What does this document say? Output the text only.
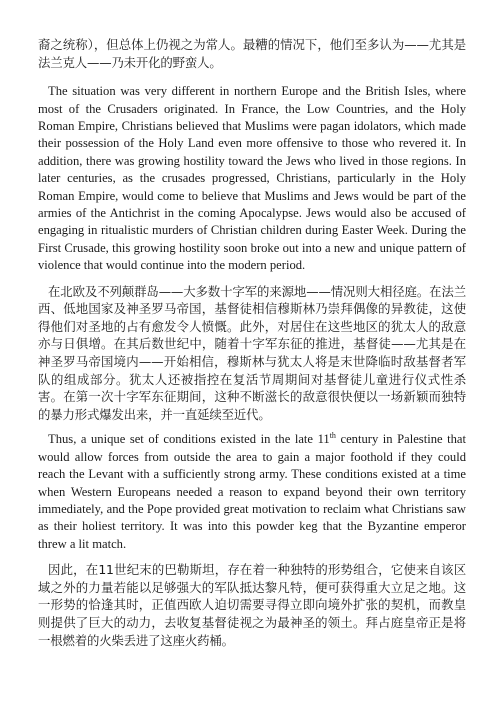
裔之统称），但总体上仍视之为常人。最糟的情况下，他们至多认为——尤其是法兰克人——乃未开化的野蛮人。

The situation was very different in northern Europe and the British Isles, where most of the Crusaders originated. In France, the Low Countries, and the Holy Roman Empire, Christians believed that Muslims were pagan idolators, which made their possession of the Holy Land even more offensive to those who revered it. In addition, there was growing hostility toward the Jews who lived in those regions. In later centuries, as the crusades progressed, Christians, particularly in the Holy Roman Empire, would come to believe that Muslims and Jews would be part of the armies of the Antichrist in the coming Apocalypse. Jews would also be accused of engaging in ritualistic murders of Christian children during Easter Week. During the First Crusade, this growing hostility soon broke out into a new and unique pattern of violence that would continue into the modern period.

在北欧及不列颠群岛——大多数十字军的来源地——情况则大相径庭。在法兰西、低地国家及神圣罗马帝国，基督徒相信穆斯林乃崇拜偶像的异教徒，这使得他们对圣地的占有愈发令人愤慨。此外，对居住在这些地区的犹太人的敌意亦与日俱增。在其后数世纪中，随着十字军东征的推进，基督徒——尤其是在神圣罗马帝国境内——开始相信，穆斯林与犹太人将是末世降临时敌基督者军队的组成部分。犹太人还被指控在复活节周期间对基督徒儿童进行仪式性杀害。在第一次十字军东征期间，这种不断滋长的敌意很快便以一场新颖而独特的暴力形式爆发出来，并一直延续至近代。

Thus, a unique set of conditions existed in the late 11th century in Palestine that would allow forces from outside the area to gain a major foothold if they could reach the Levant with a sufficiently strong army. These conditions existed at a time when Western Europeans needed a reason to expand beyond their own territory immediately, and the Pope provided great motivation to reclaim what Christians saw as their holiest territory. It was into this powder keg that the Byzantine emperor threw a lit match.

因此，在11世纪末的巴勒斯坦，存在着一种独特的形势组合，它使来自该区域之外的力量若能以足够强大的军队抵达黎凡特，便可获得重大立足之地。这一形势的恰逢其时，正值西欧人迫切需要寻得立即向境外扩张的契机，而教皇则提供了巨大的动力，去收复基督徒视之为最神圣的领土。拜占庭皇帝正是将一根燃着的火柴丢进了这座火药桶。
